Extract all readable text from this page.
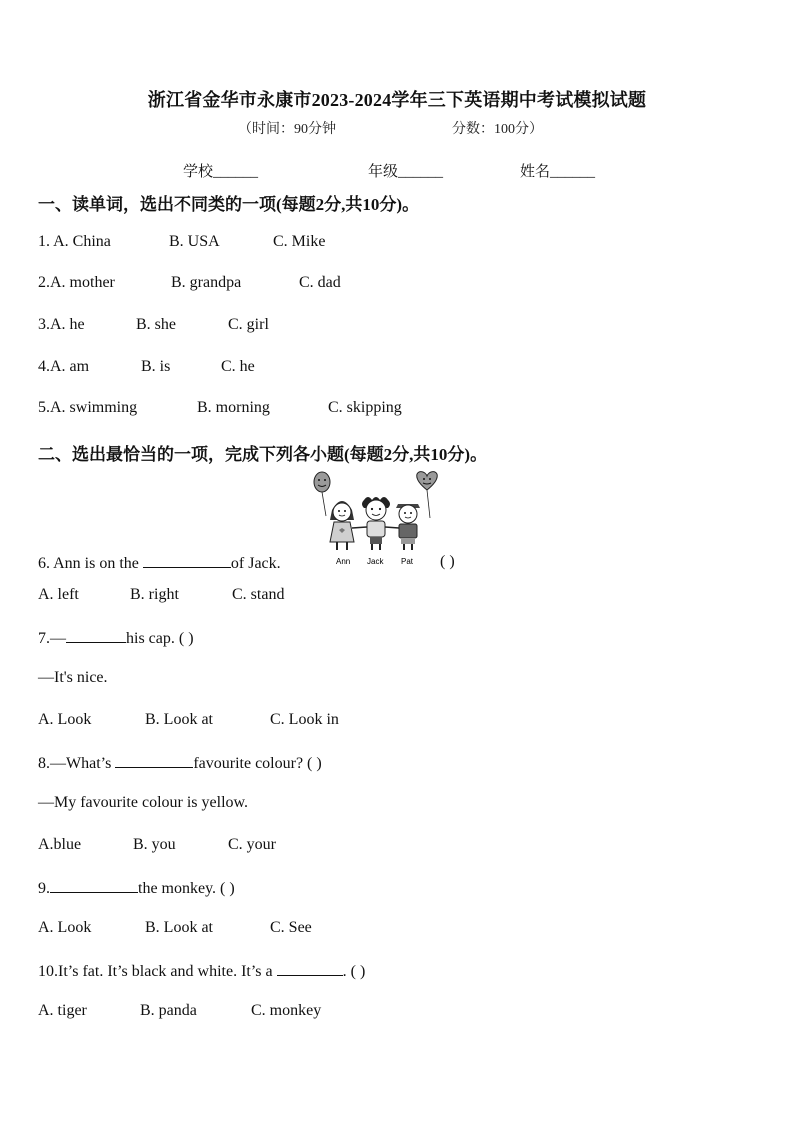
浙江省金华市永康市2023-2024学年三下英语期中考试模拟试题
（时间：90分钟	分数：100分）
学校______	年级______	姓名______
一、读单词，选出不同类的一项(每题2分,共10分)。
1. A. China	B. USA	C. Mike
2.A. mother	B. grandpa	C. dad
3.A. he	B. she	C. girl
4.A. am	B. is	C. he
5.A. swimming	B. morning	C. skipping
二、选出最恰当的一项，完成下列各小题(每题2分,共10分)。
Ann Jack Pat
6. Ann is on the	of Jack.	( )
A. left	B. right	C. stand
7.—	his cap. ( )
—It's nice.
A. Look	B. Look at	C. Look in
8.—What’s	favourite colour? ( )
—My favourite colour is yellow.
A.blue	B. you	C. your
9.	the monkey. ( )
A. Look	B. Look at	C. See
10.It’s fat. It’s black and white. It’s a	. ( )
A. tiger	B. panda	C. monkey
